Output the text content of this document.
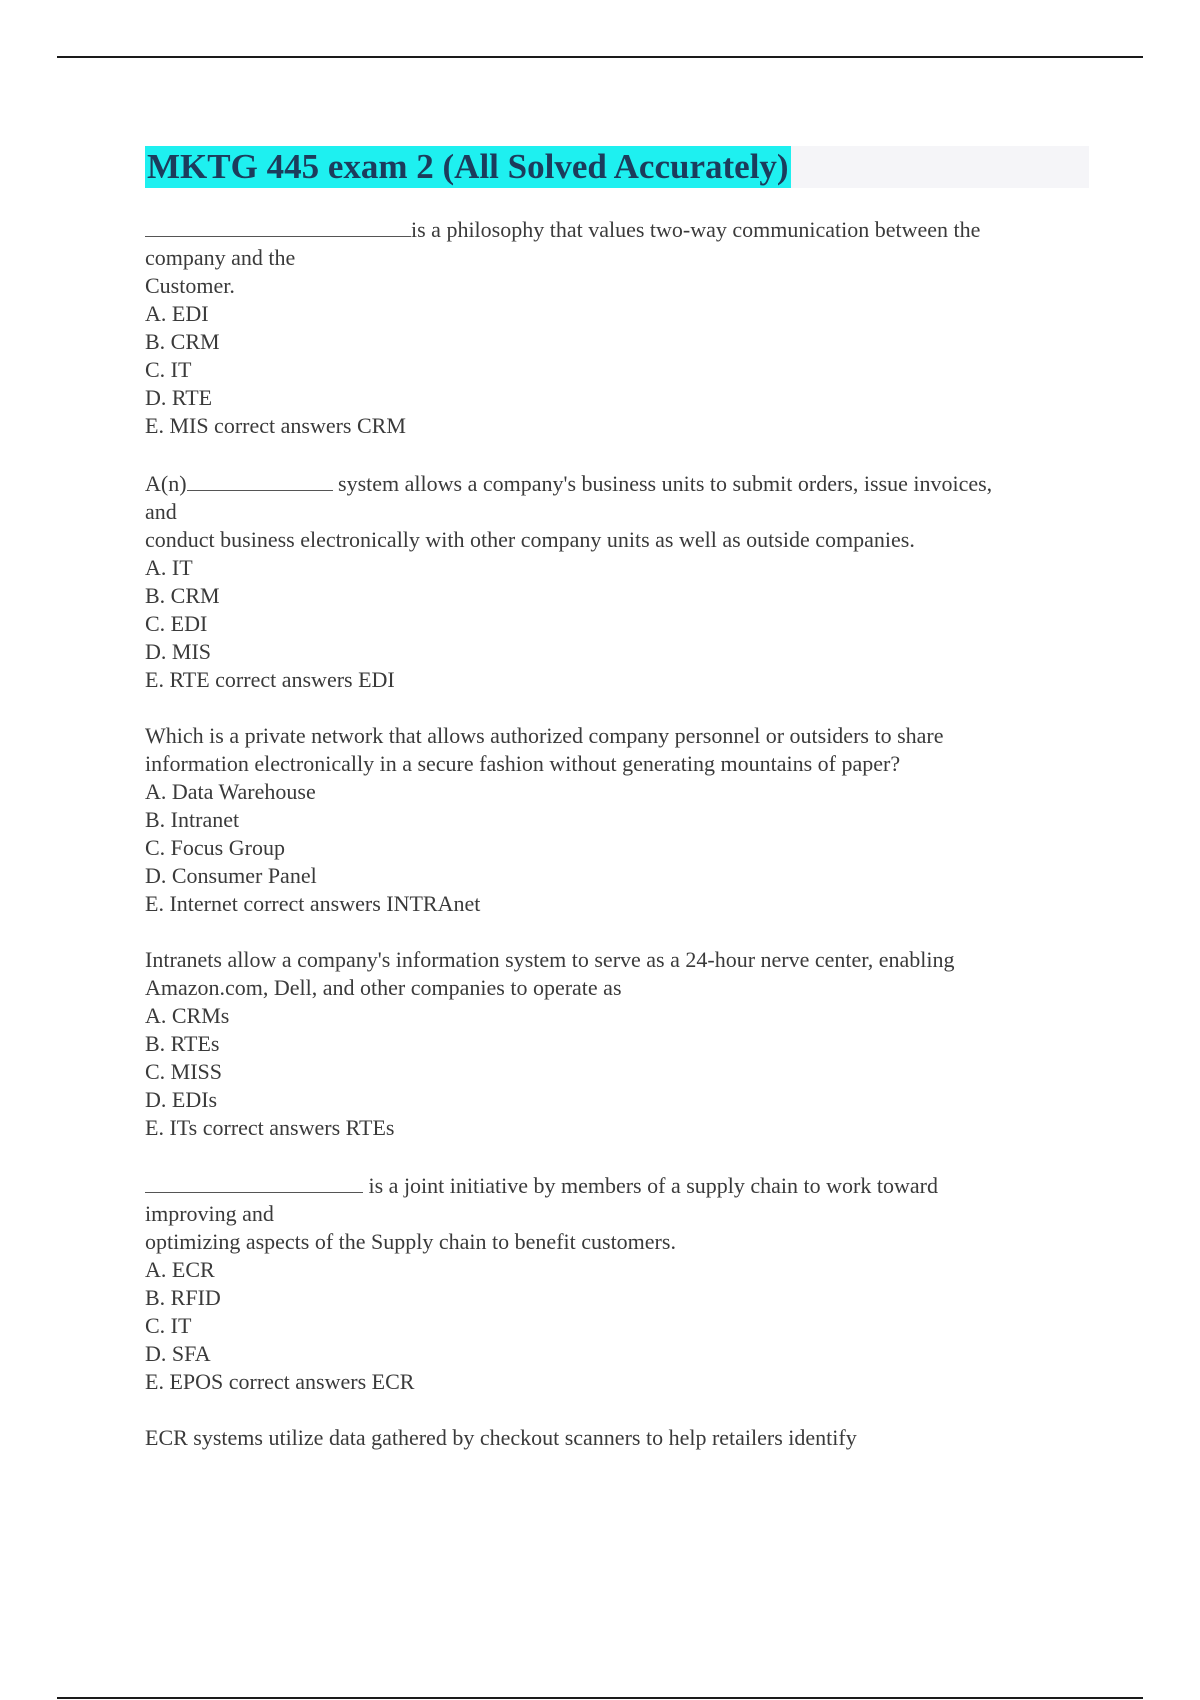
MKTG 445 exam 2 (All Solved Accurately)
is a philosophy that values two-way communication between the
company and the
Customer.
A. EDI
B. CRM
C. IT
D. RTE
E. MIS correct answers CRM
A(n)	system allows a company's business units to submit orders, issue invoices,
and
conduct business electronically with other company units as well as outside companies.
A. IT
B. CRM
C. EDI
D. MIS
E. RTE correct answers EDI
Which is a private network that allows authorized company personnel or outsiders to share
information electronically in a secure fashion without generating mountains of paper?
A. Data Warehouse
B. Intranet
C. Focus Group
D. Consumer Panel
E. Internet correct answers INTRAnet
Intranets allow a company's information system to serve as a 24-hour nerve center, enabling
Amazon.com, Dell, and other companies to operate as
A. CRMs
B. RTEs
C. MISS
D. EDIs
E. ITs correct answers RTEs
is a joint initiative by members of a supply chain to work toward
improving and
optimizing aspects of the Supply chain to benefit customers.
A. ECR
B. RFID
C. IT
D. SFA
E. EPOS correct answers ECR
ECR systems utilize data gathered by checkout scanners to help retailers identify
